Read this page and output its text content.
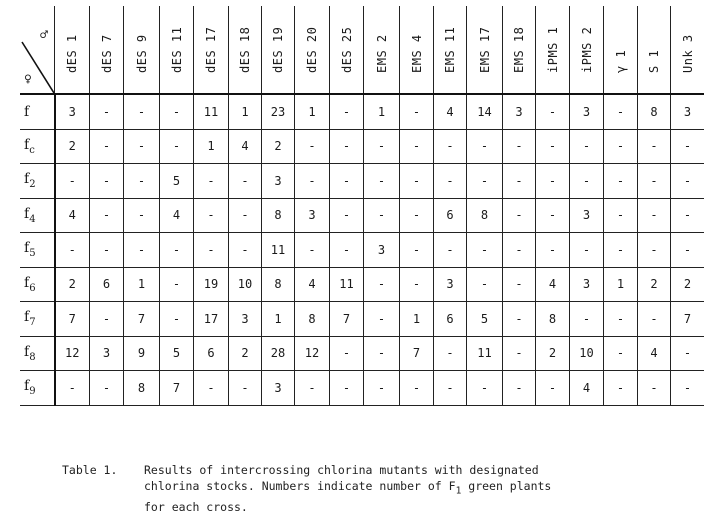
♂
♀	dES 1	dES 7	dES 9	dES 11	dES 17	dES 18	dES 19	dES 20	dES 25	EMS 2	EMS 4	EMS 11	EMS 17	EMS 18	iPMS 1	iPMS 2	γ 1	S 1	Unk 3

f	3	-	-	-	11	1	23	1	-	1	-	4	14	3	-	3	-	8	3
$f_c$	2	-	-	-	1	4	2	-	-	-	-	-	-	-	-	-	-	-	-
$f_2$	-	-	-	5	-	-	3	-	-	-	-	-	-	-	-	-	-	-	-
$f_4$	4	-	-	4	-	-	8	3	-	-	-	6	8	-	-	3	-	-	-
$f_5$	-	-	-	-	-	-	11	-	-	3	-	-	-	-	-	-	-	-	-
$f_6$	2	6	1	-	19	10	8	4	11	-	-	3	-	-	4	3	1	2	2
$f_7$	7	-	7	-	17	3	1	8	7	-	1	6	5	-	8	-	-	-	7
$f_8$	12	3	9	5	6	2	28	12	-	-	7	-	11	-	2	10	-	4	-
$f_9$	-	-	8	7	-	-	3	-	-	-	-	-	-	-	-	4	-	-	-
Table 1. Results of intercrossing chlorina mutants with designated
chlorina stocks. Numbers indicate number of $F_1$ green plants
for each cross.
